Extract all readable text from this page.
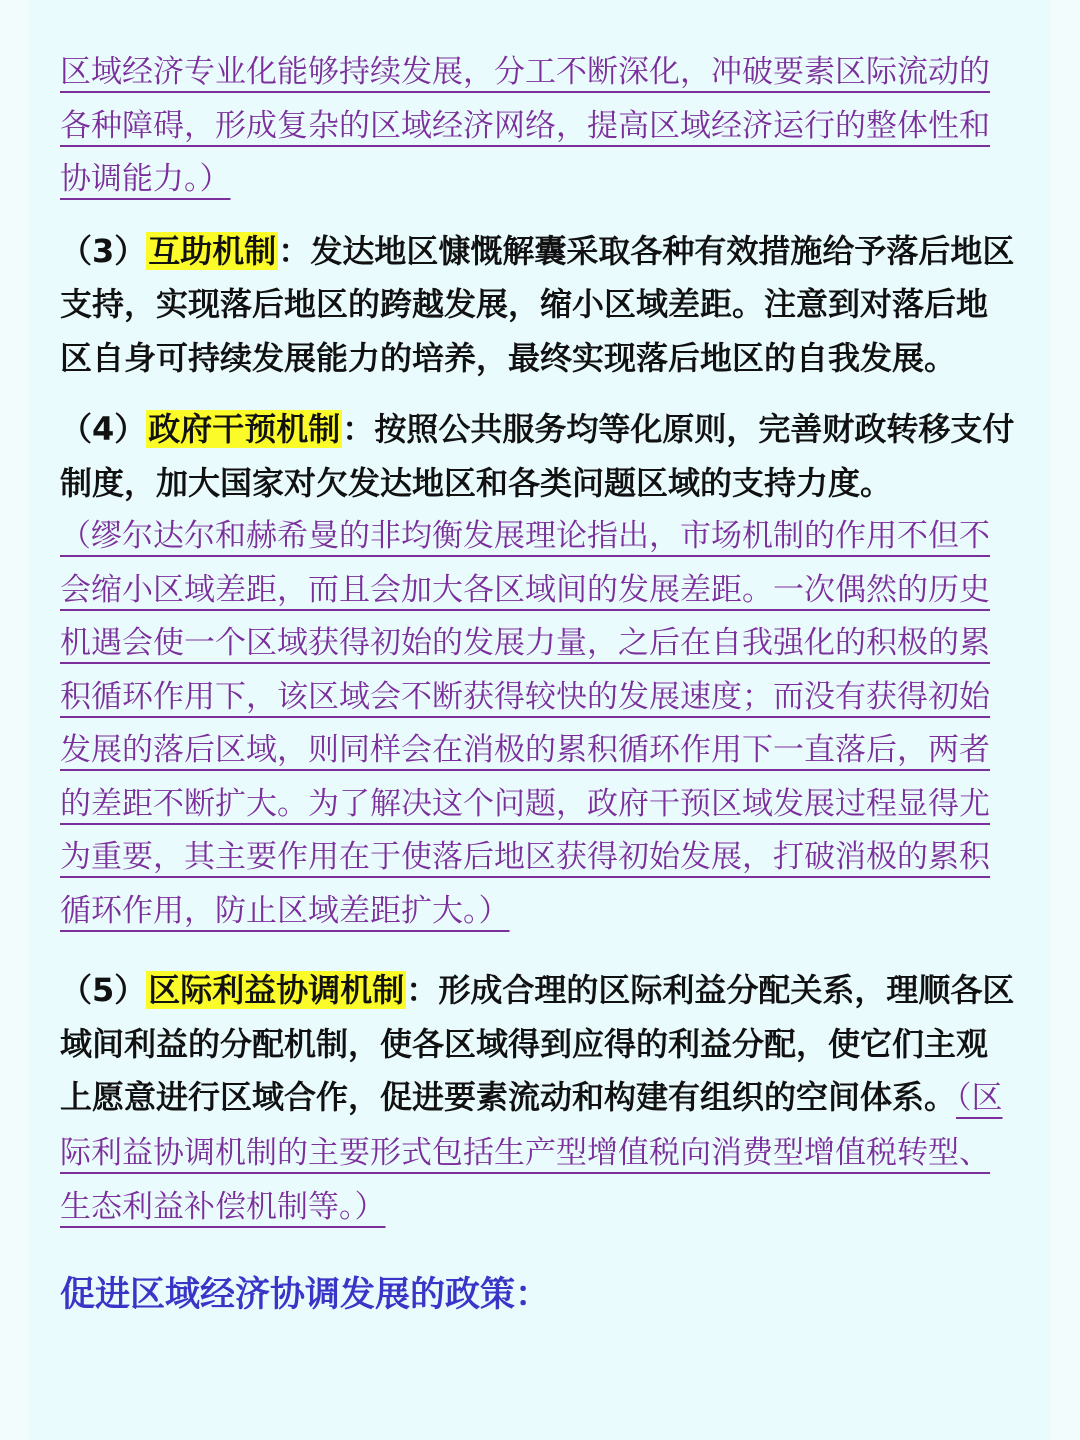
区域经济专业化能够持续发展，分工不断深化，冲破要素区际流动的各种障碍，形成复杂的区域经济网络，提高区域经济运行的整体性和协调能力。）

（3）互助机制：发达地区慷慨解囊采取各种有效措施给予落后地区支持，实现落后地区的跨越发展，缩小区域差距。注意到对落后地区自身可持续发展能力的培养，最终实现落后地区的自我发展。

（4）政府干预机制：按照公共服务均等化原则，完善财政转移支付制度，加大国家对欠发达地区和各类问题区域的支持力度。

（缪尔达尔和赫希曼的非均衡发展理论指出，市场机制的作用不但不会缩小区域差距，而且会加大各区域间的发展差距。一次偶然的历史机遇会使一个区域获得初始的发展力量，之后在自我强化的积极的累积循环作用下，该区域会不断获得较快的发展速度；而没有获得初始发展的落后区域，则同样会在消极的累积循环作用下一直落后，两者的差距不断扩大。为了解决这个问题，政府干预区域发展过程显得尤为重要，其主要作用在于使落后地区获得初始发展，打破消极的累积循环作用，防止区域差距扩大。）

（5）区际利益协调机制：形成合理的区际利益分配关系，理顺各区域间利益的分配机制，使各区域得到应得的利益分配，使它们主观上愿意进行区域合作，促进要素流动和构建有组织的空间体系。（区际利益协调机制的主要形式包括生产型增值税向消费型增值税转型、生态利益补偿机制等。）

促进区域经济协调发展的政策：
